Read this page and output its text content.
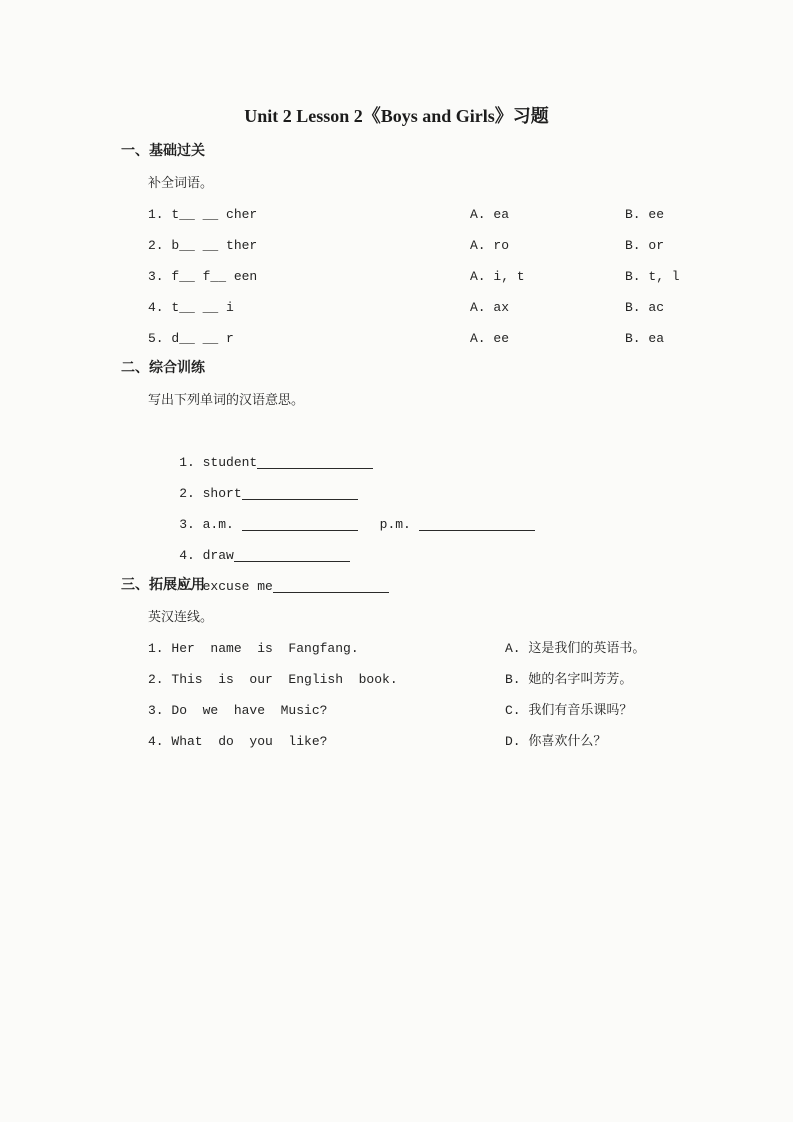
Unit 2 Lesson 2《Boys and Girls》习题
一、基础过关
补全词语。
1. t__ __ cher	A. ea	B. ee
2. b__ __ ther	A. ro	B. or
3. f__ f__ een	A. i, t	B. t, l
4. t__ __ i	A. ax	B. ac
5. d__ __ r	A. ee	B. ea
二、综合训练
写出下列单词的汉语意思。

1. student

2. short

3. a.m.	p.m.

4. draw

5. excuse me

三、拓展应用
英汉连线。
1. Her  name  is  Fangfang.	A. 这是我们的英语书。
2. This  is  our  English  book.	B. 她的名字叫芳芳。
3. Do  we  have  Music?	C. 我们有音乐课吗？
4. What  do  you  like?	D. 你喜欢什么？
